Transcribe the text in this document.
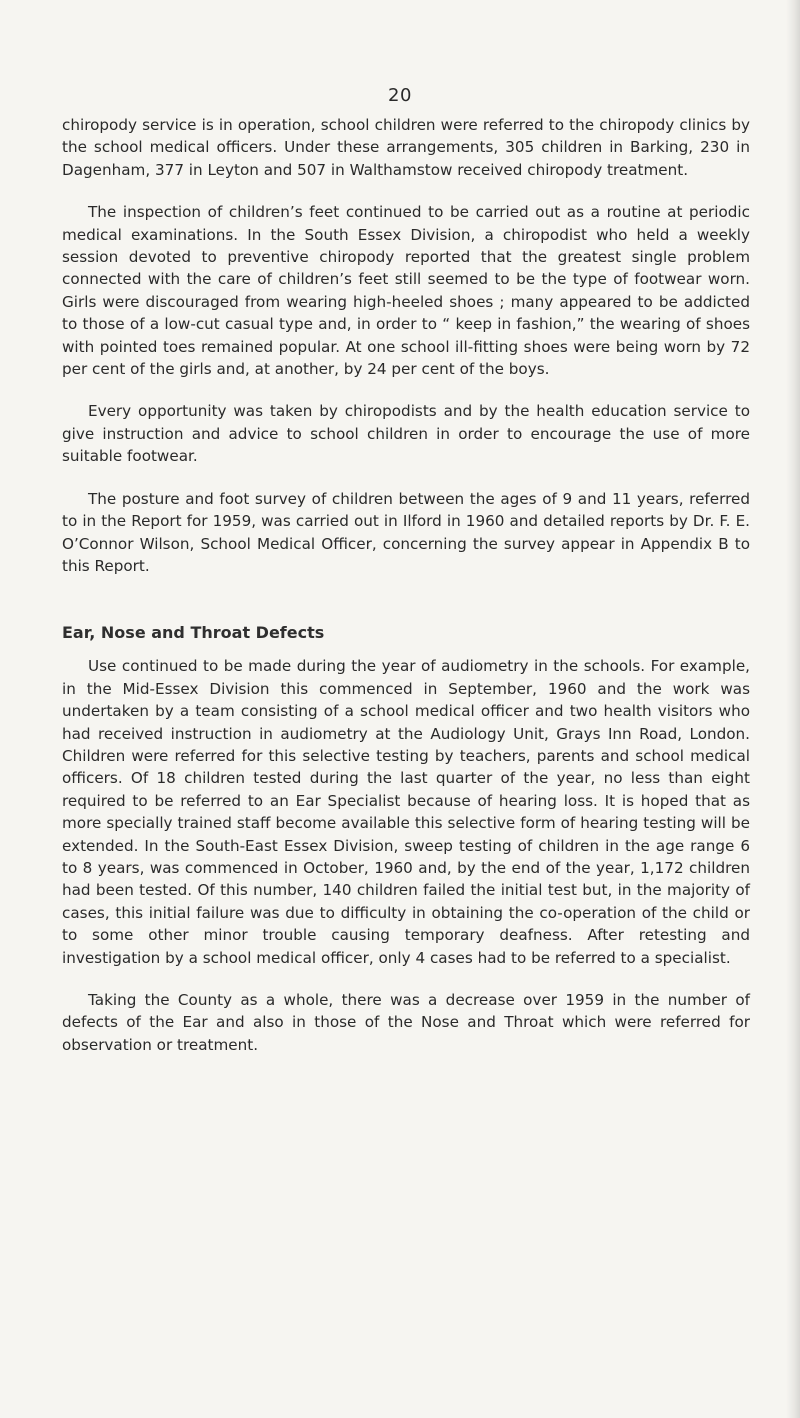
20

chiropody service is in operation, school children were referred to the chiropody clinics by the school medical officers. Under these arrangements, 305 children in Barking, 230 in Dagenham, 377 in Leyton and 507 in Walthamstow received chiropody treatment.

The inspection of children’s feet continued to be carried out as a routine at periodic medical examinations. In the South Essex Division, a chiropodist who held a weekly session devoted to preventive chiropody reported that the greatest single problem connected with the care of children’s feet still seemed to be the type of footwear worn. Girls were discouraged from wearing high-heeled shoes ; many appeared to be addicted to those of a low-cut casual type and, in order to “ keep in fashion,” the wearing of shoes with pointed toes remained popular. At one school ill-fitting shoes were being worn by 72 per cent of the girls and, at another, by 24 per cent of the boys.

Every opportunity was taken by chiropodists and by the health education service to give instruction and advice to school children in order to encourage the use of more suitable footwear.

The posture and foot survey of children between the ages of 9 and 11 years, referred to in the Report for 1959, was carried out in Ilford in 1960 and detailed reports by Dr. F. E. O’Connor Wilson, School Medical Officer, concerning the survey appear in Appendix B to this Report.

Ear, Nose and Throat Defects

Use continued to be made during the year of audiometry in the schools. For example, in the Mid-Essex Division this commenced in September, 1960 and the work was undertaken by a team consisting of a school medical officer and two health visitors who had received instruction in audiometry at the Audiology Unit, Grays Inn Road, London. Children were referred for this selective testing by teachers, parents and school medical officers. Of 18 children tested during the last quarter of the year, no less than eight required to be referred to an Ear Specialist because of hearing loss. It is hoped that as more specially trained staff become available this selective form of hearing testing will be extended. In the South-East Essex Division, sweep testing of children in the age range 6 to 8 years, was commenced in October, 1960 and, by the end of the year, 1,172 children had been tested. Of this number, 140 children failed the initial test but, in the majority of cases, this initial failure was due to difficulty in obtaining the co-operation of the child or to some other minor trouble causing temporary deafness. After retesting and investigation by a school medical officer, only 4 cases had to be referred to a specialist.

Taking the County as a whole, there was a decrease over 1959 in the number of defects of the Ear and also in those of the Nose and Throat which were referred for observation or treatment.
